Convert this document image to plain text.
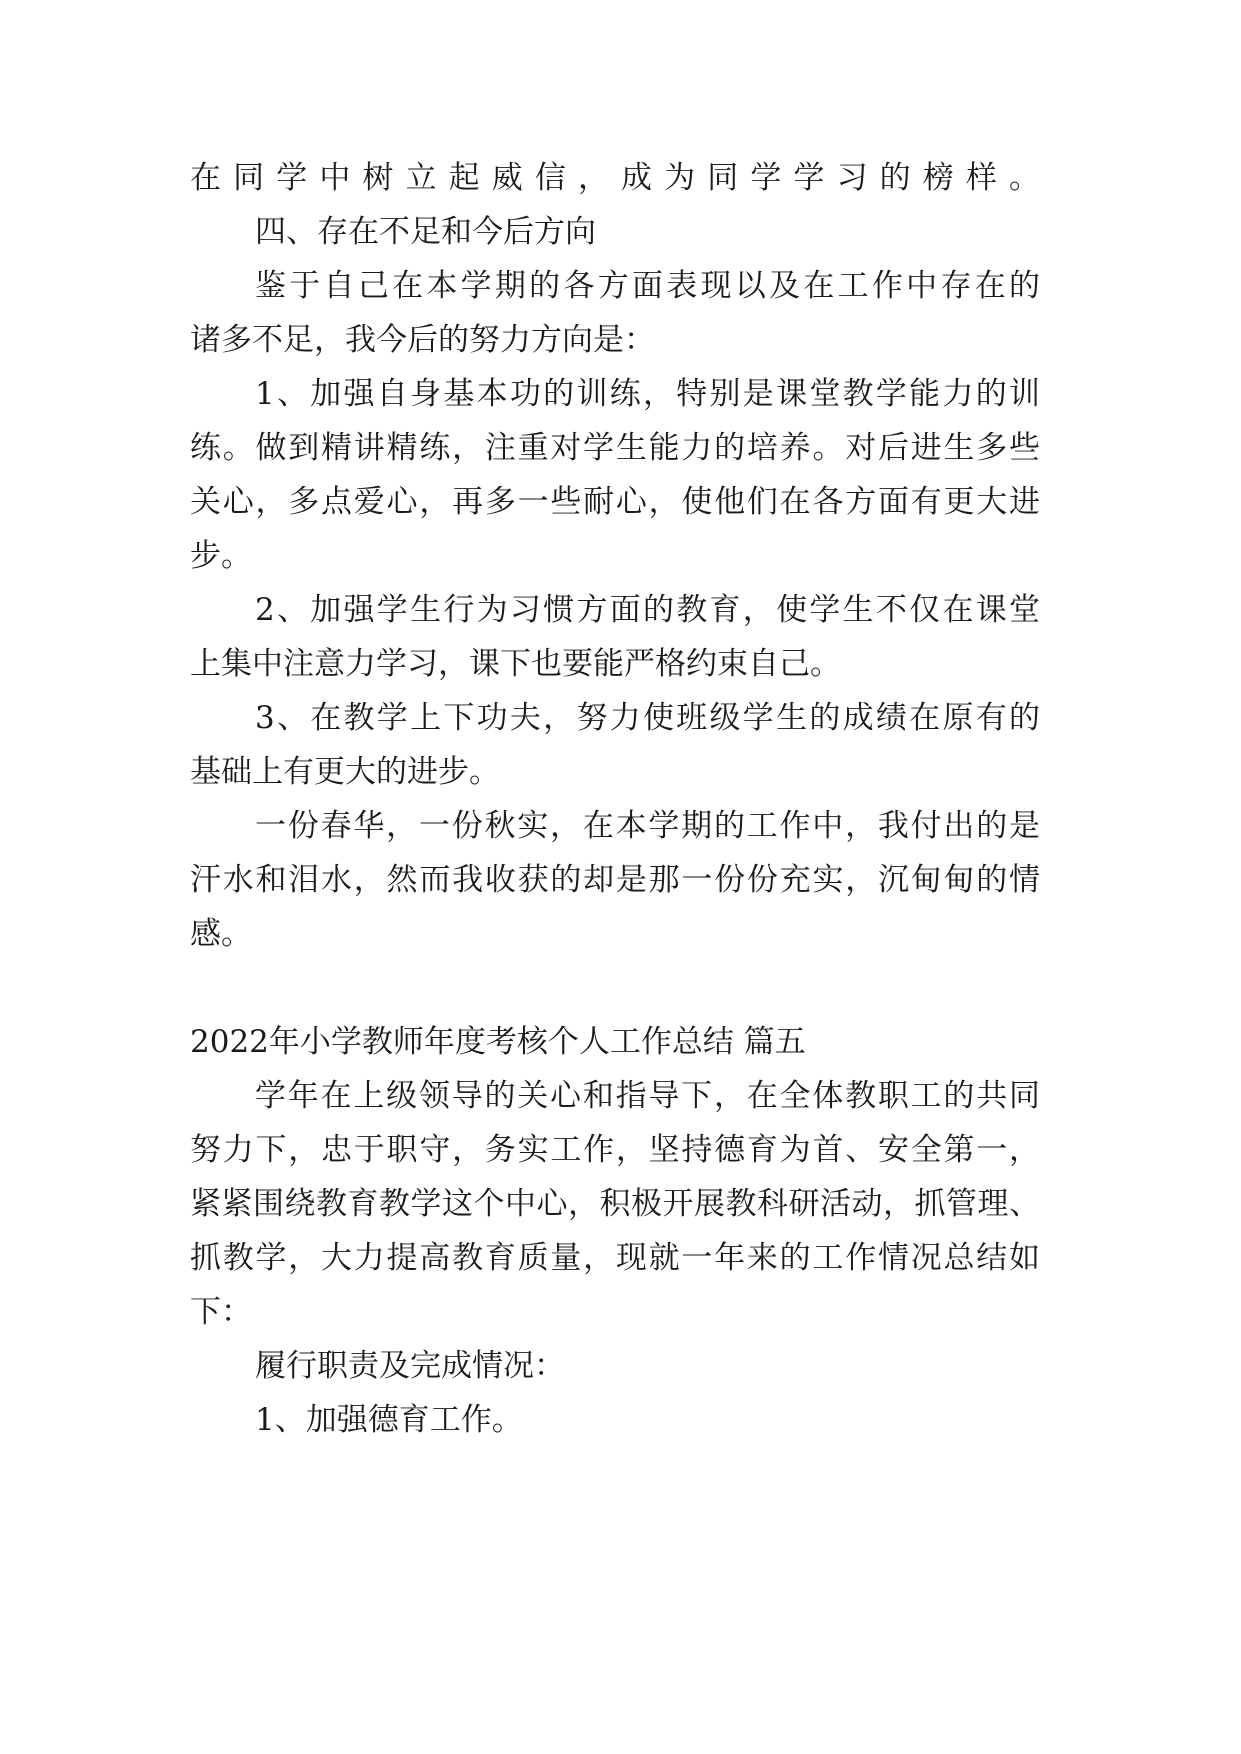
在同学中树立起威信，成为同学学习的榜样。
四、存在不足和今后方向
鉴于自己在本学期的各方面表现以及在工作中存在的
诸多不足，我今后的努力方向是：
1、加强自身基本功的训练，特别是课堂教学能力的训
练。做到精讲精练，注重对学生能力的培养。对后进生多些
关心，多点爱心，再多一些耐心，使他们在各方面有更大进
步。
2、加强学生行为习惯方面的教育，使学生不仅在课堂
上集中注意力学习，课下也要能严格约束自己。
3、在教学上下功夫，努力使班级学生的成绩在原有的
基础上有更大的进步。
一份春华，一份秋实，在本学期的工作中，我付出的是
汗水和泪水，然而我收获的却是那一份份充实，沉甸甸的情
感。
2022年小学教师年度考核个人工作总结 篇五
学年在上级领导的关心和指导下，在全体教职工的共同
努力下，忠于职守，务实工作，坚持德育为首、安全第一，
紧紧围绕教育教学这个中心，积极开展教科研活动，抓管理、
抓教学，大力提高教育质量，现就一年来的工作情况总结如
下：
履行职责及完成情况：
1、加强德育工作。
